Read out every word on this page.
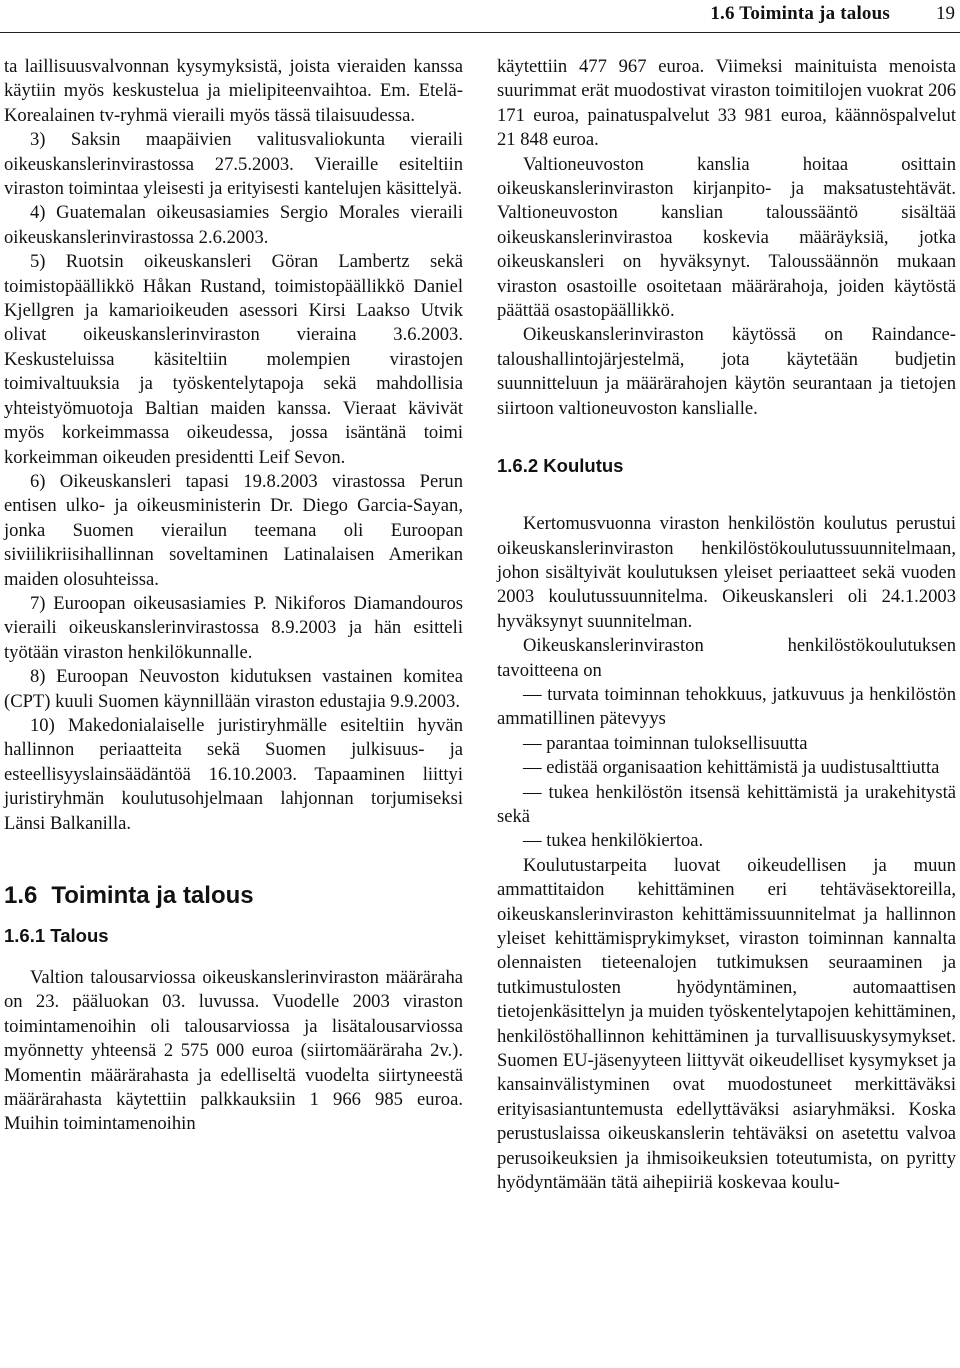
1.6 Toiminta ja talous 19

ta laillisuusvalvonnan kysymyksistä, joista vieraiden kanssa käytiin myös keskustelua ja mielipiteenvaihtoa. Em. Etelä-Korealainen tv-ryhmä vieraili myös tässä tilaisuudessa.

3) Saksin maapäivien valitusvaliokunta vieraili oikeuskanslerinvirastossa 27.5.2003. Vieraille esiteltiin viraston toimintaa yleisesti ja erityisesti kantelujen käsittelyä.

4) Guatemalan oikeusasiamies Sergio Morales vieraili oikeuskanslerinvirastossa 2.6.2003.

5) Ruotsin oikeuskansleri Göran Lambertz sekä toimistopäällikkö Håkan Rustand, toimistopäällikkö Daniel Kjellgren ja kamarioikeuden asessori Kirsi Laakso Utvik olivat oikeuskanslerinviraston vieraina 3.6.2003. Keskusteluissa käsiteltiin molempien virastojen toimivaltuuksia ja työskentelytapoja sekä mahdollisia yhteistyömuotoja Baltian maiden kanssa. Vieraat kävivät myös korkeimmassa oikeudessa, jossa isäntänä toimi korkeimman oikeuden presidentti Leif Sevon.

6) Oikeuskansleri tapasi 19.8.2003 virastossa Perun entisen ulko- ja oikeusministerin Dr. Diego Garcia-Sayan, jonka Suomen vierailun teemana oli Euroopan siviilikriisihallinnan soveltaminen Latinalaisen Amerikan maiden olosuhteissa.

7) Euroopan oikeusasiamies P. Nikiforos Diamandouros vieraili oikeuskanslerinvirastossa 8.9.2003 ja hän esitteli työtään viraston henkilökunnalle.

8) Euroopan Neuvoston kidutuksen vastainen komitea (CPT) kuuli Suomen käynnillään viraston edustajia 9.9.2003.

10) Makedonialaiselle juristiryhmälle esiteltiin hyvän hallinnon periaatteita sekä Suomen julkisuus- ja esteellisyyslainsäädäntöä 16.10.2003. Tapaaminen liittyi juristiryhmän koulutusohjelmaan lahjonnan torjumiseksi Länsi Balkanilla.

1.6 Toiminta ja talous
1.6.1 Talous

Valtion talousarviossa oikeuskanslerinviraston määräraha on 23. pääluokan 03. luvussa. Vuodelle 2003 viraston toimintamenoihin oli talousarviossa ja lisätalousarviossa myönnetty yhteensä 2 575 000 euroa (siirtomääräraha 2v.). Momentin määrärahasta ja edelliseltä vuodelta siirtyneestä määrärahasta käytettiin palkkauksiin 1 966 985 euroa. Muihin toimintamenoihin

käytettiin 477 967 euroa. Viimeksi mainituista menoista suurimmat erät muodostivat viraston toimitilojen vuokrat 206 171 euroa, painatuspalvelut 33 981 euroa, käännöspalvelut 21 848 euroa.

Valtioneuvoston kanslia hoitaa osittain oikeuskanslerinviraston kirjanpito- ja maksatustehtävät. Valtioneuvoston kanslian taloussääntö sisältää oikeuskanslerinvirastoa koskevia määräyksiä, jotka oikeuskansleri on hyväksynyt. Taloussäännön mukaan viraston osastoille osoitetaan määrärahoja, joiden käytöstä päättää osastopäällikkö.

Oikeuskanslerinviraston käytössä on Raindance- taloushallintojärjestelmä, jota käytetään budjetin suunnitteluun ja määrärahojen käytön seurantaan ja tietojen siirtoon valtioneuvoston kanslialle.

1.6.2 Koulutus

Kertomusvuonna viraston henkilöstön koulutus perustui oikeuskanslerinviraston henkilöstökoulutussuunnitelmaan, johon sisältyivät koulutuksen yleiset periaatteet sekä vuoden 2003 koulutussuunnitelma. Oikeuskansleri oli 24.1.2003 hyväksynyt suunnitelman.

Oikeuskanslerinviraston henkilöstökoulutuksen tavoitteena on

— turvata toiminnan tehokkuus, jatkuvuus ja henkilöstön ammatillinen pätevyys

— parantaa toiminnan tuloksellisuutta

— edistää organisaation kehittämistä ja uudistusalttiutta

— tukea henkilöstön itsensä kehittämistä ja urakehitystä sekä

— tukea henkilökiertoa.

Koulutustarpeita luovat oikeudellisen ja muun ammattitaidon kehittäminen eri tehtäväsektoreilla, oikeuskanslerinviraston kehittämissuunnitelmat ja hallinnon yleiset kehittämisprykimykset, viraston toiminnan kannalta olennaisten tieteenalojen tutkimuksen seuraaminen ja tutkimustulosten hyödyntäminen, automaattisen tietojenkäsittelyn ja muiden työskentelytapojen kehittäminen, henkilöstöhallinnon kehittäminen ja turvallisuuskysymykset. Suomen EU-jäsenyyteen liittyvät oikeudelliset kysymykset ja kansainvälistyminen ovat muodostuneet merkittäväksi erityisasiantuntemusta edellyttäväksi asiaryhmäksi. Koska perustuslaissa oikeuskanslerin tehtäväksi on asetettu valvoa perusoikeuksien ja ihmisoikeuksien toteutumista, on pyritty hyödyntämään tätä aihepiiriä koskevaa koulu-
